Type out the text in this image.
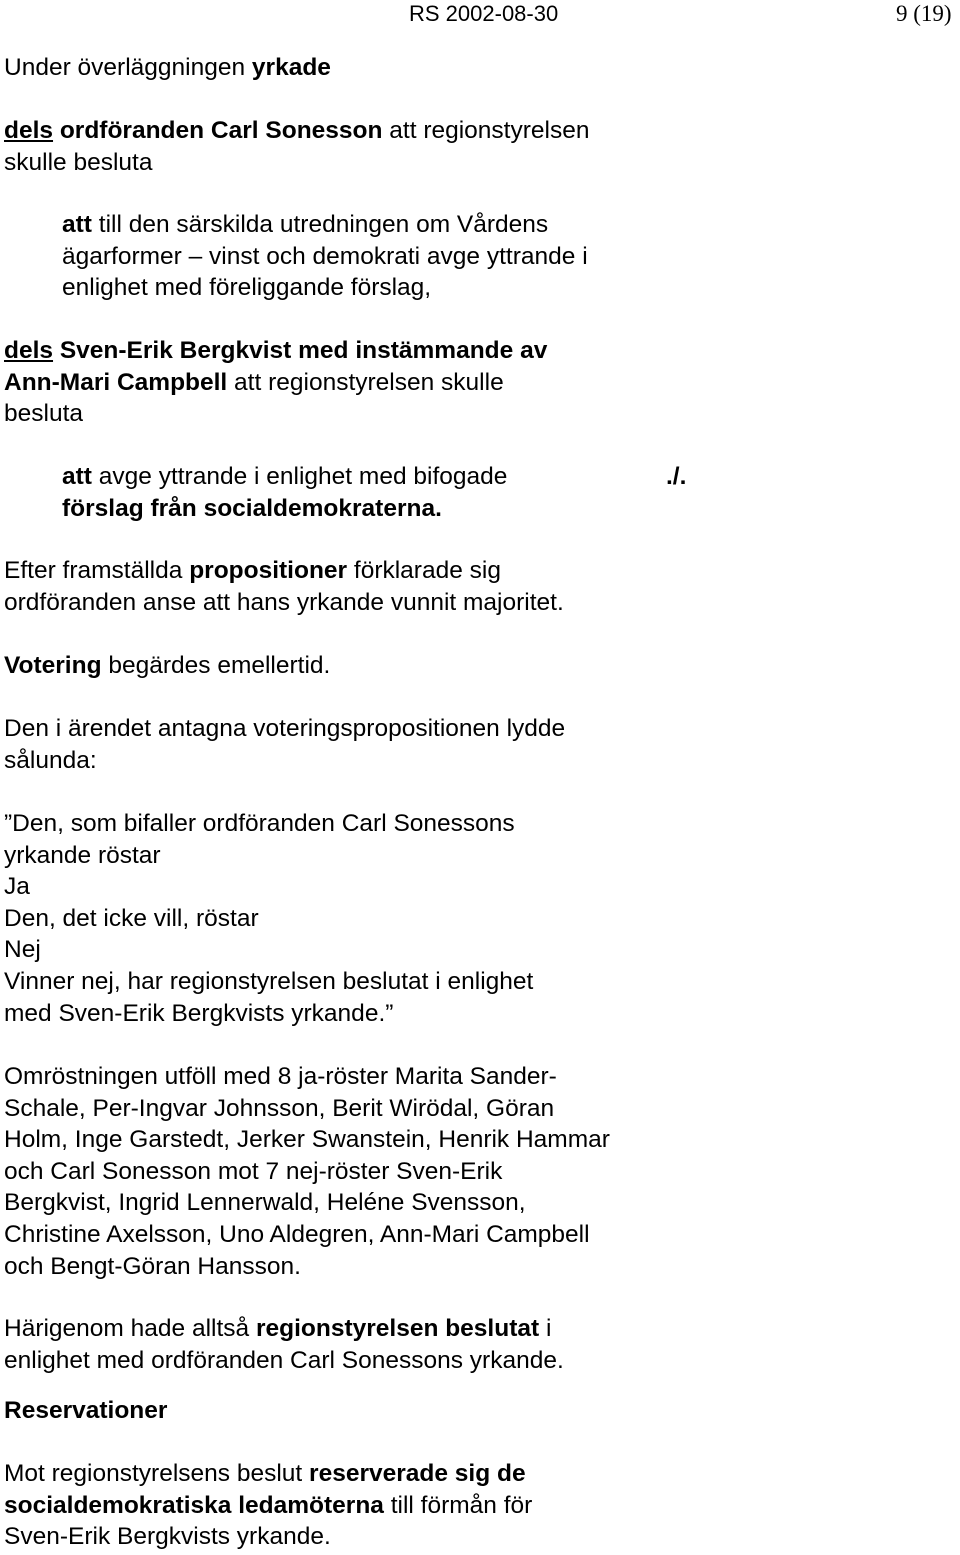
RS 2002-08-30	9 (19)

Under överläggningen yrkade

dels ordföranden Carl Sonesson att regionstyrelsen
skulle besluta

att till den särskilda utredningen om Vårdens
ägarformer – vinst och demokrati avge yttrande i
enlighet med föreliggande förslag,

dels Sven-Erik Bergkvist med instämmande av
Ann-Mari Campbell att regionstyrelsen skulle
besluta

att avge yttrande i enlighet med bifogade
förslag från socialdemokraterna.

./.

Efter framställda propositioner förklarade sig
ordföranden anse att hans yrkande vunnit majoritet.

Votering begärdes emellertid.

Den i ärendet antagna voteringspropositionen lydde
sålunda:

”Den, som bifaller ordföranden Carl Sonessons
yrkande röstar
Ja
Den, det icke vill, röstar
Nej
Vinner nej, har regionstyrelsen beslutat i enlighet
med Sven-Erik Bergkvists yrkande.”

Omröstningen utföll med 8 ja-röster Marita Sander-
Schale, Per-Ingvar Johnsson, Berit Wirödal, Göran
Holm, Inge Garstedt, Jerker Swanstein, Henrik Hammar
och Carl Sonesson mot 7 nej-röster Sven-Erik
Bergkvist, Ingrid Lennerwald, Heléne Svensson,
Christine Axelsson, Uno Aldegren, Ann-Mari Campbell
och Bengt-Göran Hansson.

Härigenom hade alltså regionstyrelsen beslutat i
enlighet med ordföranden Carl Sonessons yrkande.

Reservationer

Mot regionstyrelsens beslut reserverade sig de
socialdemokratiska ledamöterna till förmån för
Sven-Erik Bergkvists yrkande.
